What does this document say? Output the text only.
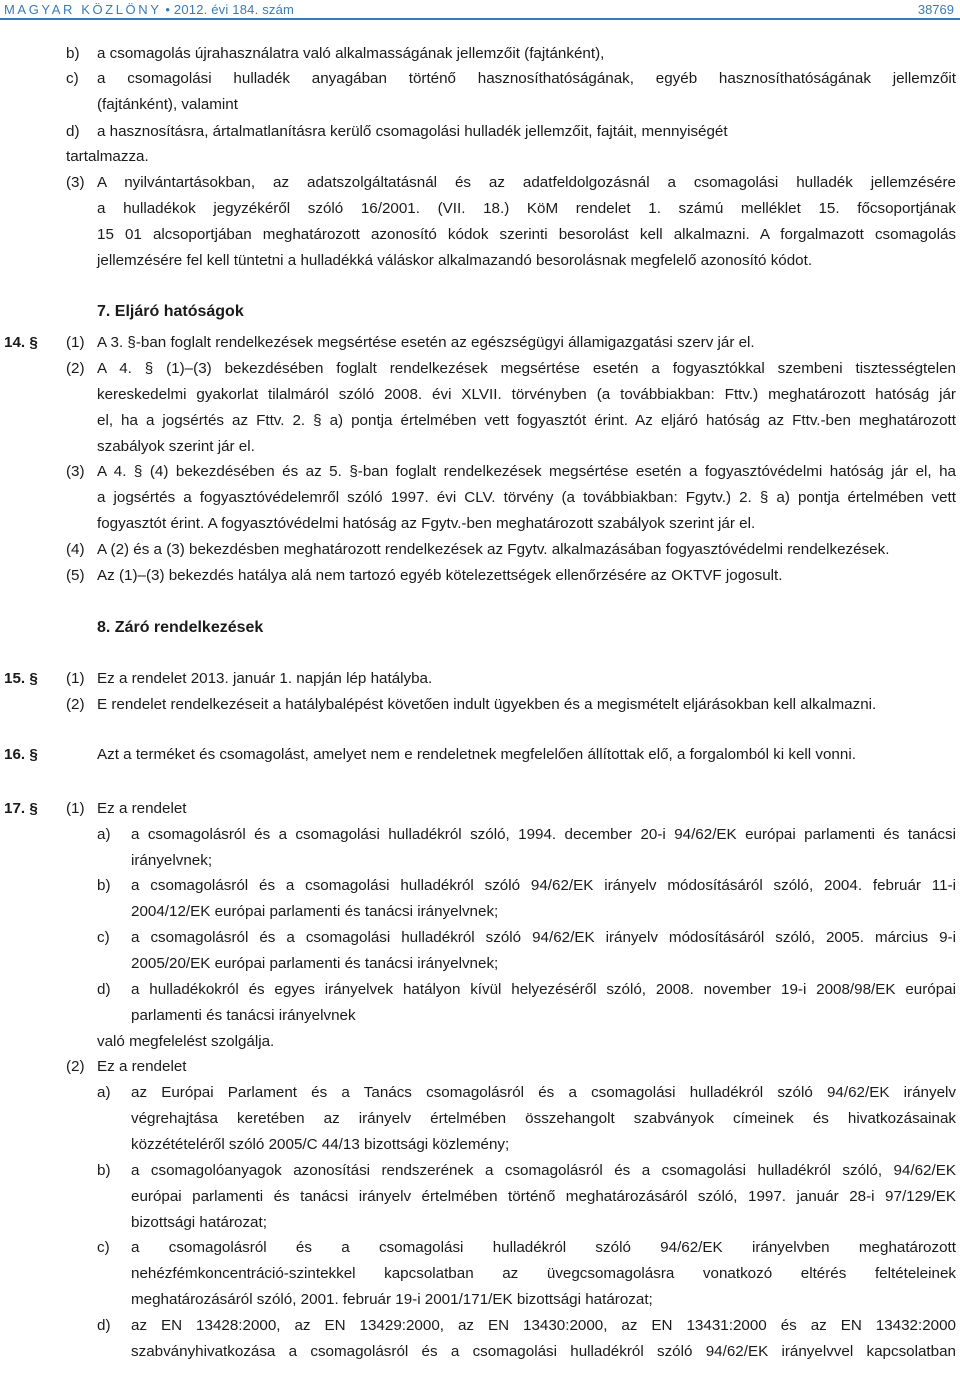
MAGYAR KÖZLÖNY • 2012. évi 184. szám	38769
b) a csomagolás újrahasználatra való alkalmasságának jellemzőit (fajtánként),
c) a csomagolási hulladék anyagában történő hasznosíthatóságának, egyéb hasznosíthatóságának jellemzőit
(fajtánként), valamint
d) a hasznosításra, ártalmatlanításra kerülő csomagolási hulladék jellemzőit, fajtáit, mennyiségét
tartalmazza.
(3) A nyilvántartásokban, az adatszolgáltatásnál és az adatfeldolgozásnál a csomagolási hulladék jellemzésére
a hulladékok jegyzékéről szóló 16/2001. (VII. 18.) KöM rendelet 1. számú melléklet 15. főcsoportjának
15 01 alcsoportjában meghatározott azonosító kódok szerinti besorolást kell alkalmazni. A forgalmazott csomagolás
jellemzésére fel kell tüntetni a hulladékká váláskor alkalmazandó besorolásnak megfelelő azonosító kódot.
7. Eljáró hatóságok
14. § (1) A 3. §-ban foglalt rendelkezések megsértése esetén az egészségügyi államigazgatási szerv jár el.
(2) A 4. § (1)–(3) bekezdésében foglalt rendelkezések megsértése esetén a fogyasztókkal szembeni tisztességtelen
kereskedelmi gyakorlat tilalmáról szóló 2008. évi XLVII. törvényben (a továbbiakban: Fttv.) meghatározott hatóság jár
el, ha a jogsértés az Fttv. 2. § a) pontja értelmében vett fogyasztót érint. Az eljáró hatóság az Fttv.-ben meghatározott
szabályok szerint jár el.
(3) A 4. § (4) bekezdésében és az 5. §-ban foglalt rendelkezések megsértése esetén a fogyasztóvédelmi hatóság jár el, ha
a jogsértés a fogyasztóvédelemről szóló 1997. évi CLV. törvény (a továbbiakban: Fgytv.) 2. § a) pontja értelmében vett
fogyasztót érint. A fogyasztóvédelmi hatóság az Fgytv.-ben meghatározott szabályok szerint jár el.
(4) A (2) és a (3) bekezdésben meghatározott rendelkezések az Fgytv. alkalmazásában fogyasztóvédelmi rendelkezések.
(5) Az (1)–(3) bekezdés hatálya alá nem tartozó egyéb kötelezettségek ellenőrzésére az OKTVF jogosult.
8. Záró rendelkezések
15. § (1) Ez a rendelet 2013. január 1. napján lép hatályba.
(2) E rendelet rendelkezéseit a hatálybalépést követően indult ügyekben és a megismételt eljárásokban kell alkalmazni.
16. §	Azt a terméket és csomagolást, amelyet nem e rendeletnek megfelelően állítottak elő, a forgalomból ki kell vonni.
17. § (1) Ez a rendelet
a) a csomagolásról és a csomagolási hulladékról szóló, 1994. december 20-i 94/62/EK európai parlamenti és tanácsi
irányelvnek;
b) a csomagolásról és a csomagolási hulladékról szóló 94/62/EK irányelv módosításáról szóló, 2004. február 11-i
2004/12/EK európai parlamenti és tanácsi irányelvnek;
c) a csomagolásról és a csomagolási hulladékról szóló 94/62/EK irányelv módosításáról szóló, 2005. március 9-i
2005/20/EK európai parlamenti és tanácsi irányelvnek;
d) a hulladékokról és egyes irányelvek hatályon kívül helyezéséről szóló, 2008. november 19-i 2008/98/EK európai
parlamenti és tanácsi irányelvnek
való megfelelést szolgálja.
(2) Ez a rendelet
a) az Európai Parlament és a Tanács csomagolásról és a csomagolási hulladékról szóló 94/62/EK irányelv
végrehajtása keretében az irányelv értelmében összehangolt szabványok címeinek és hivatkozásainak
közzétételéről szóló 2005/C 44/13 bizottsági közlemény;
b) a csomagolóanyagok azonosítási rendszerének a csomagolásról és a csomagolási hulladékról szóló, 94/62/EK
európai parlamenti és tanácsi irányelv értelmében történő meghatározásáról szóló, 1997. január 28-i 97/129/EK
bizottsági határozat;
c) a csomagolásról és a csomagolási hulladékról szóló 94/62/EK irányelvben meghatározott
nehézfémkoncentráció-szintekkel kapcsolatban az üvegcsomagolásra vonatkozó eltérés feltételeinek
meghatározásáról szóló, 2001. február 19-i 2001/171/EK bizottsági határozat;
d) az EN 13428:2000, az EN 13429:2000, az EN 13430:2000, az EN 13431:2000 és az EN 13432:2000
szabványhivatkozása a csomagolásról és a csomagolási hulladékról szóló 94/62/EK irányelvvel kapcsolatban
